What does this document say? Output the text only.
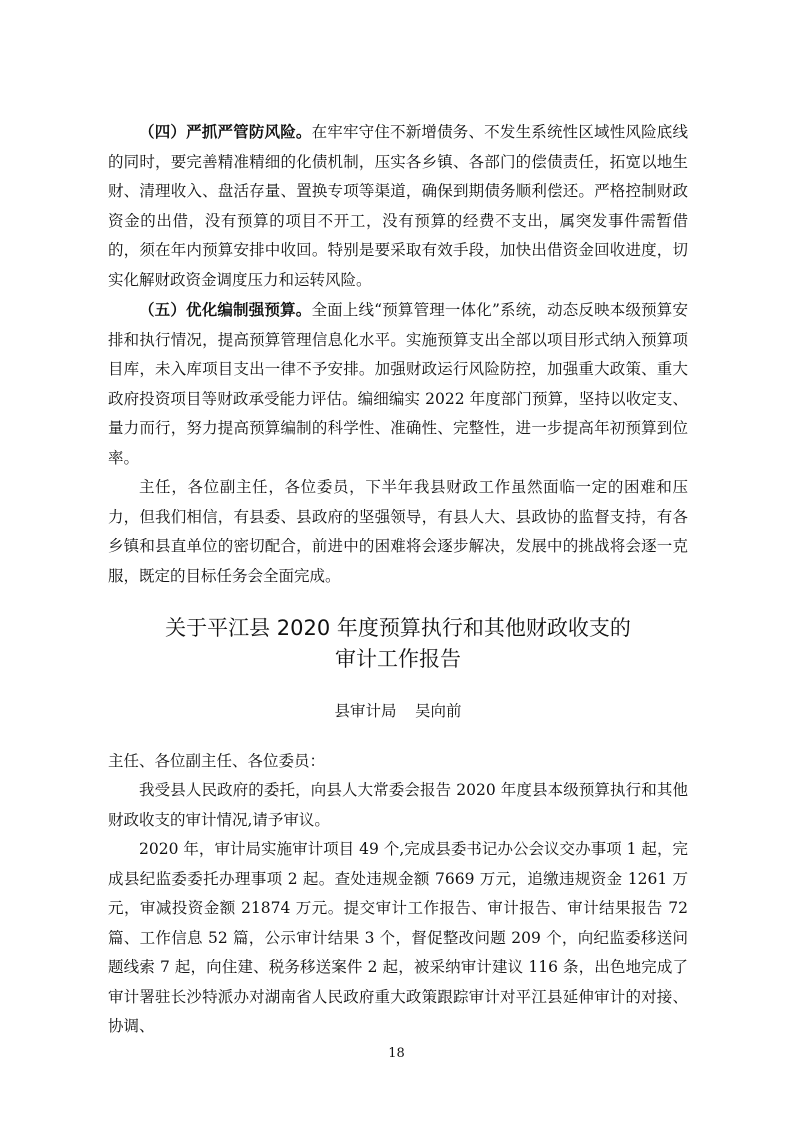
（四）严抓严管防风险。在牢牢守住不新增债务、不发生系统性区域性风险底线的同时，要完善精准精细的化债机制，压实各乡镇、各部门的偿债责任，拓宽以地生财、清理收入、盘活存量、置换专项等渠道，确保到期债务顺利偿还。严格控制财政资金的出借，没有预算的项目不开工，没有预算的经费不支出，属突发事件需暂借的，须在年内预算安排中收回。特别是要采取有效手段，加快出借资金回收进度，切实化解财政资金调度压力和运转风险。

（五）优化编制强预算。全面上线“预算管理一体化”系统，动态反映本级预算安排和执行情况，提高预算管理信息化水平。实施预算支出全部以项目形式纳入预算项目库，未入库项目支出一律不予安排。加强财政运行风险防控，加强重大政策、重大政府投资项目等财政承受能力评估。编细编实 2022 年度部门预算，坚持以收定支、量力而行，努力提高预算编制的科学性、准确性、完整性，进一步提高年初预算到位率。

主任，各位副主任，各位委员，下半年我县财政工作虽然面临一定的困难和压力，但我们相信，有县委、县政府的坚强领导，有县人大、县政协的监督支持，有各乡镇和县直单位的密切配合，前进中的困难将会逐步解决，发展中的挑战将会逐一克服，既定的目标任务会全面完成。

关于平江县 2020 年度预算执行和其他财政收支的
审计工作报告
县审计局 吴向前

主任、各位副主任、各位委员：

我受县人民政府的委托，向县人大常委会报告 2020 年度县本级预算执行和其他财政收支的审计情况,请予审议。

2020 年，审计局实施审计项目 49 个,完成县委书记办公会议交办事项 1 起，完成县纪监委委托办理事项 2 起。查处违规金额 7669 万元，追缴违规资金 1261 万元，审减投资金额 21874 万元。提交审计工作报告、审计报告、审计结果报告 72 篇、工作信息 52 篇，公示审计结果 3 个，督促整改问题 209 个，向纪监委移送问题线索 7 起，向住建、税务移送案件 2 起，被采纳审计建议 116 条，出色地完成了审计署驻长沙特派办对湖南省人民政府重大政策跟踪审计对平江县延伸审计的对接、协调、

18
